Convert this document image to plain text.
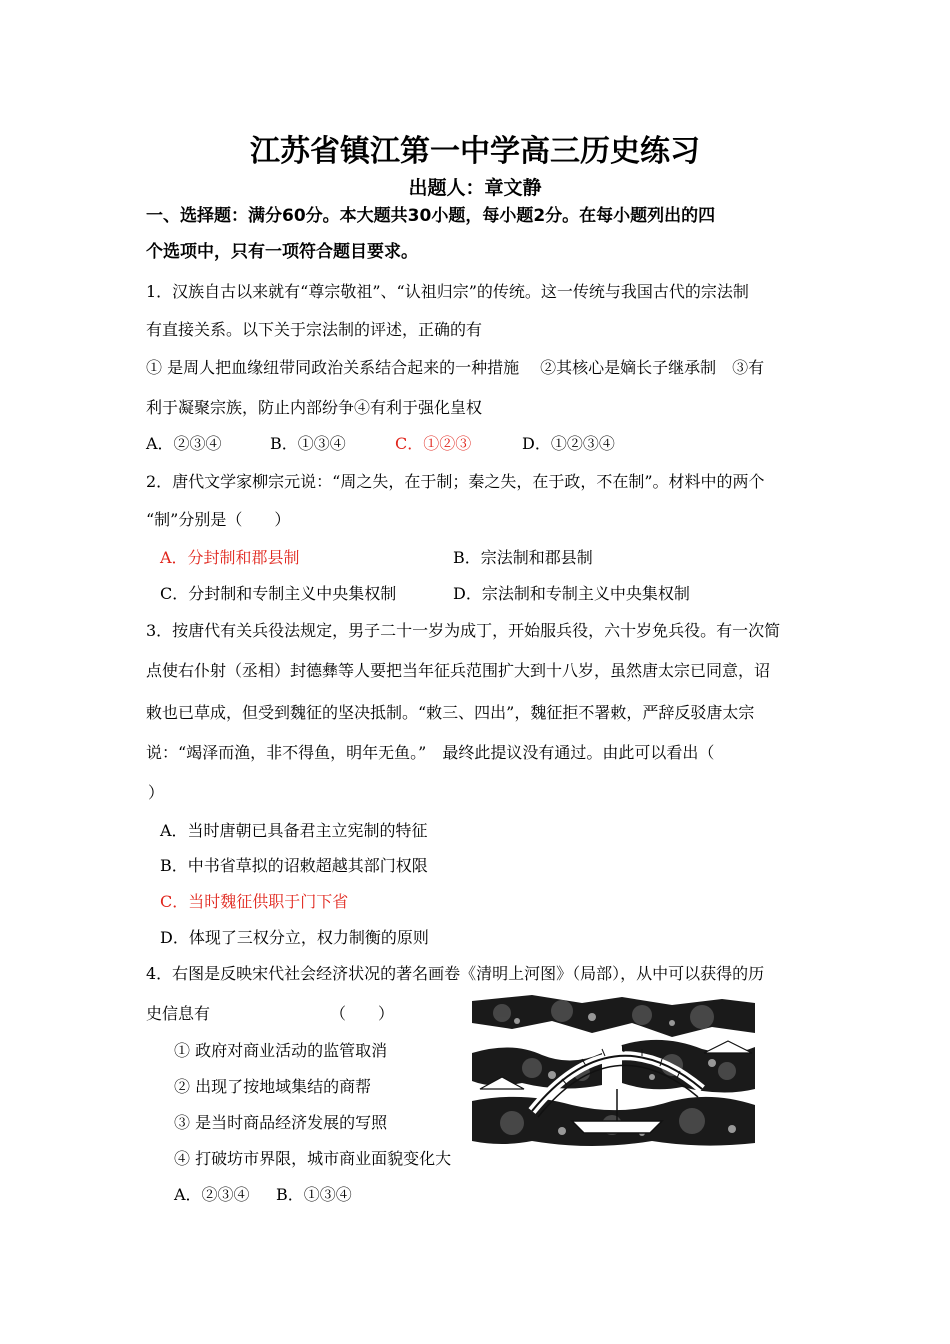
江苏省镇江第一中学高三历史练习
出题人：章文静
一、选择题：满分60分。本大题共30小题，每小题2分。在每小题列出的四
个选项中，只有一项符合题目要求。
1．汉族自古以来就有“尊宗敬祖”、“认祖归宗”的传统。这一传统与我国古代的宗法制
有直接关系。以下关于宗法制的评述，正确的有
① 是周人把血缘纽带同政治关系结合起来的一种措施　 ②其核心是嫡长子继承制　③有
利于凝聚宗族，防止内部纷争④有利于强化皇权
A．②③④	B．①③④	C．①②③	D．①②③④
2．唐代文学家柳宗元说：“周之失，在于制；秦之失，在于政，不在制”。材料中的两个
“制”分别是（　　）
A．分封制和郡县制	B．宗法制和郡县制
C．分封制和专制主义中央集权制	D．宗法制和专制主义中央集权制
3．按唐代有关兵役法规定，男子二十一岁为成丁，开始服兵役，六十岁免兵役。有一次简
点使右仆射（丞相）封德彝等人要把当年征兵范围扩大到十八岁，虽然唐太宗已同意，诏
敕也已草成，但受到魏征的坚决抵制。“敕三、四出”，魏征拒不署敕，严辞反驳唐太宗
说：“竭泽而渔，非不得鱼，明年无鱼。”　最终此提议没有通过。由此可以看出（
）
A．当时唐朝已具备君主立宪制的特征
B．中书省草拟的诏敕超越其部门权限
C．当时魏征供职于门下省
D．体现了三权分立，权力制衡的原则
4．右图是反映宋代社会经济状况的著名画卷《清明上河图》（局部），从中可以获得的历
史信息有　　　　　　　　（　　）
① 政府对商业活动的监管取消
② 出现了按地域集结的商帮
③ 是当时商品经济发展的写照
④ 打破坊市界限，城市商业面貌变化大
A．②③④ B．①③④
